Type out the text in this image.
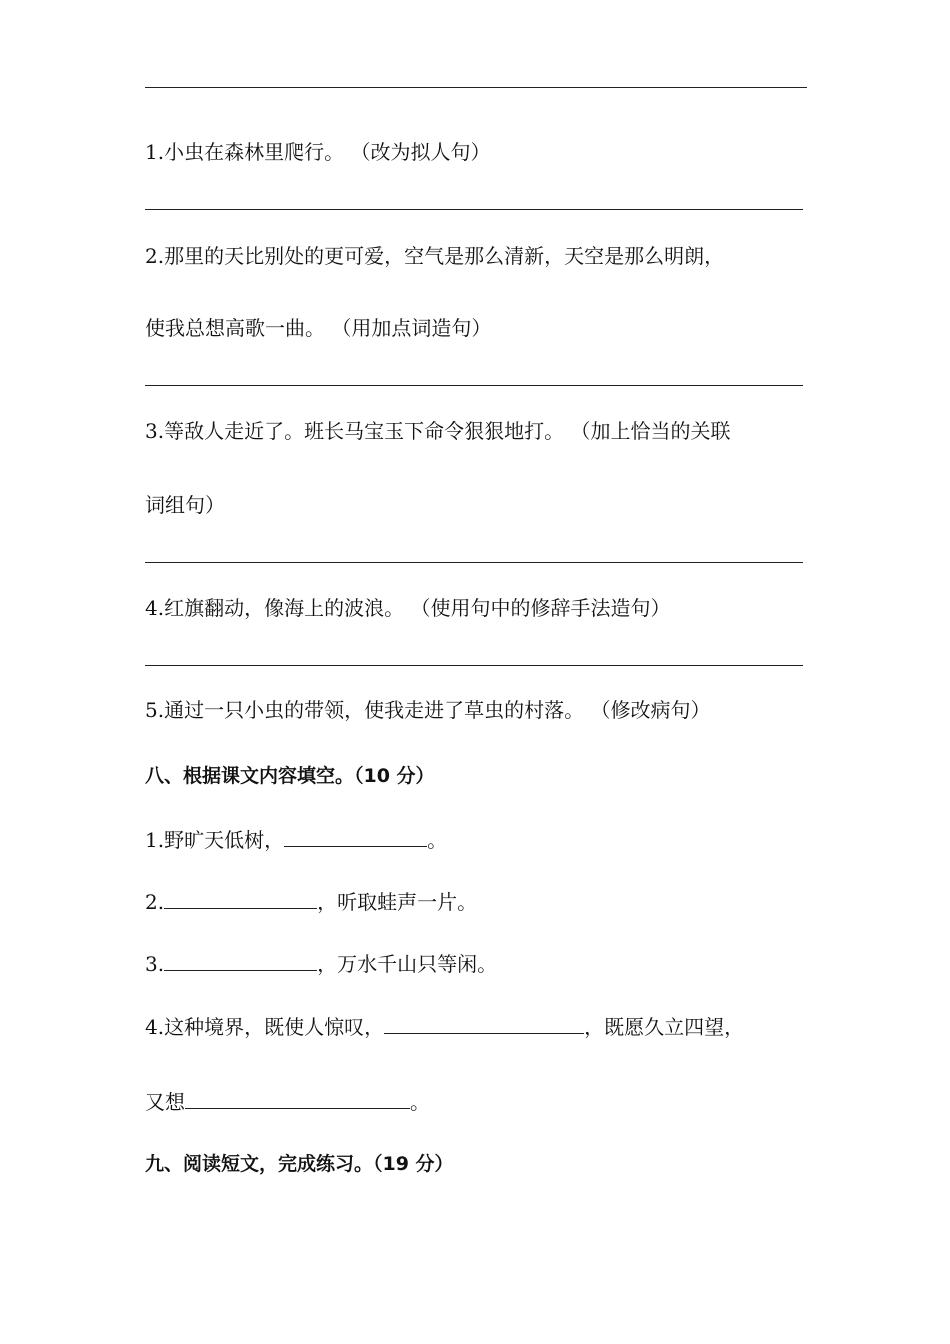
1.小虫在森林里爬行。 （改为拟人句）
2.那里的天比别处的更可爱，空气是那么清新，天空是那么明朗，
使我总想高歌一曲。 （用加点词造句）
3.等敌人走近了。班长马宝玉下命令狠狠地打。 （加上恰当的关联
词组句）
4.红旗翻动，像海上的波浪。 （使用句中的修辞手法造句）
5.通过一只小虫的带领，使我走进了草虫的村落。 （修改病句）
八、根据课文内容填空。（10 分）
1.野旷天低树，	。
2.	，听取蛙声一片。
3.	，万水千山只等闲。
4.这种境界，既使人惊叹，	，既愿久立四望，
又想	。
九、阅读短文，完成练习。（19 分）
